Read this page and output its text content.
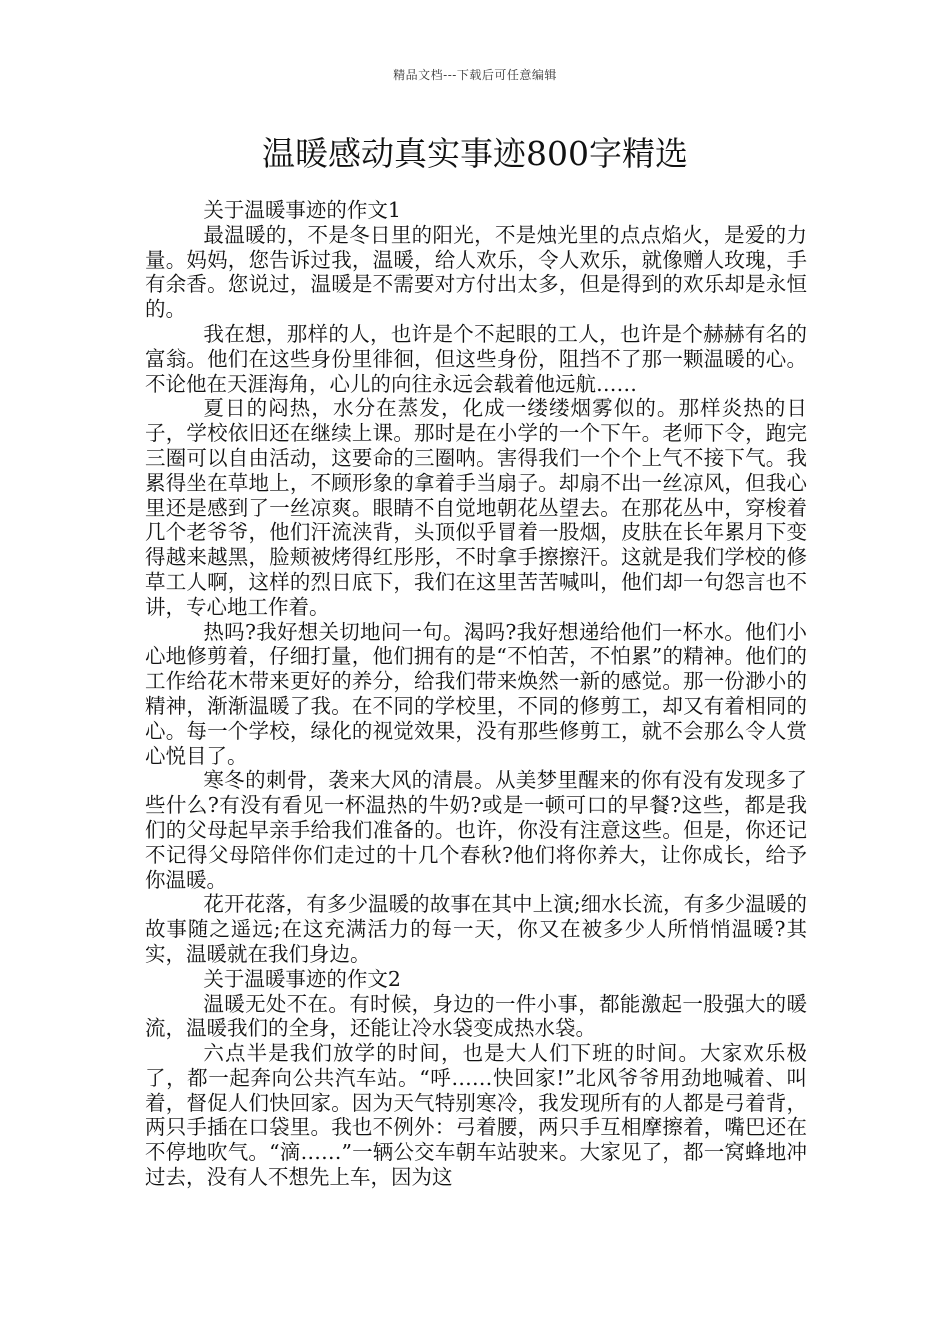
精品文档---下载后可任意编辑
温暖感动真实事迹800字精选

关于温暖事迹的作文1

最温暖的，不是冬日里的阳光，不是烛光里的点点焰火，是爱的力量。妈妈，您告诉过我，温暖，给人欢乐，令人欢乐，就像赠人玫瑰，手有余香。您说过，温暖是不需要对方付出太多，但是得到的欢乐却是永恒的。

我在想，那样的人，也许是个不起眼的工人，也许是个赫赫有名的富翁。他们在这些身份里徘徊，但这些身份，阻挡不了那一颗温暖的心。不论他在天涯海角，心儿的向往永远会载着他远航……

夏日的闷热，水分在蒸发，化成一缕缕烟雾似的。那样炎热的日子，学校依旧还在继续上课。那时是在小学的一个下午。老师下令，跑完三圈可以自由活动，这要命的三圈呐。害得我们一个个上气不接下气。我累得坐在草地上，不顾形象的拿着手当扇子。却扇不出一丝凉风，但我心里还是感到了一丝凉爽。眼睛不自觉地朝花丛望去。在那花丛中，穿梭着几个老爷爷，他们汗流浃背，头顶似乎冒着一股烟，皮肤在长年累月下变得越来越黑，脸颊被烤得红彤彤，不时拿手擦擦汗。这就是我们学校的修草工人啊，这样的烈日底下，我们在这里苦苦喊叫，他们却一句怨言也不讲，专心地工作着。

热吗?我好想关切地问一句。渴吗?我好想递给他们一杯水。他们小心地修剪着，仔细打量，他们拥有的是“不怕苦，不怕累”的精神。他们的工作给花木带来更好的养分，给我们带来焕然一新的感觉。那一份渺小的精神，渐渐温暖了我。在不同的学校里，不同的修剪工，却又有着相同的心。每一个学校，绿化的视觉效果，没有那些修剪工，就不会那么令人赏心悦目了。

寒冬的刺骨，袭来大风的清晨。从美梦里醒来的你有没有发现多了些什么?有没有看见一杯温热的牛奶?或是一顿可口的早餐?这些，都是我们的父母起早亲手给我们准备的。也许，你没有注意这些。但是，你还记不记得父母陪伴你们走过的十几个春秋?他们将你养大，让你成长，给予你温暖。

花开花落，有多少温暖的故事在其中上演;细水长流，有多少温暖的故事随之遥远;在这充满活力的每一天，你又在被多少人所悄悄温暖?其实，温暖就在我们身边。

关于温暖事迹的作文2

温暖无处不在。有时候，身边的一件小事，都能激起一股强大的暖流，温暖我们的全身，还能让冷水袋变成热水袋。

六点半是我们放学的时间，也是大人们下班的时间。大家欢乐极了，都一起奔向公共汽车站。“呼……快回家!”北风爷爷用劲地喊着、叫着，督促人们快回家。因为天气特别寒冷，我发现所有的人都是弓着背，两只手插在口袋里。我也不例外：弓着腰，两只手互相摩擦着，嘴巴还在不停地吹气。“滴……”一辆公交车朝车站驶来。大家见了，都一窝蜂地冲过去，没有人不想先上车，因为这
